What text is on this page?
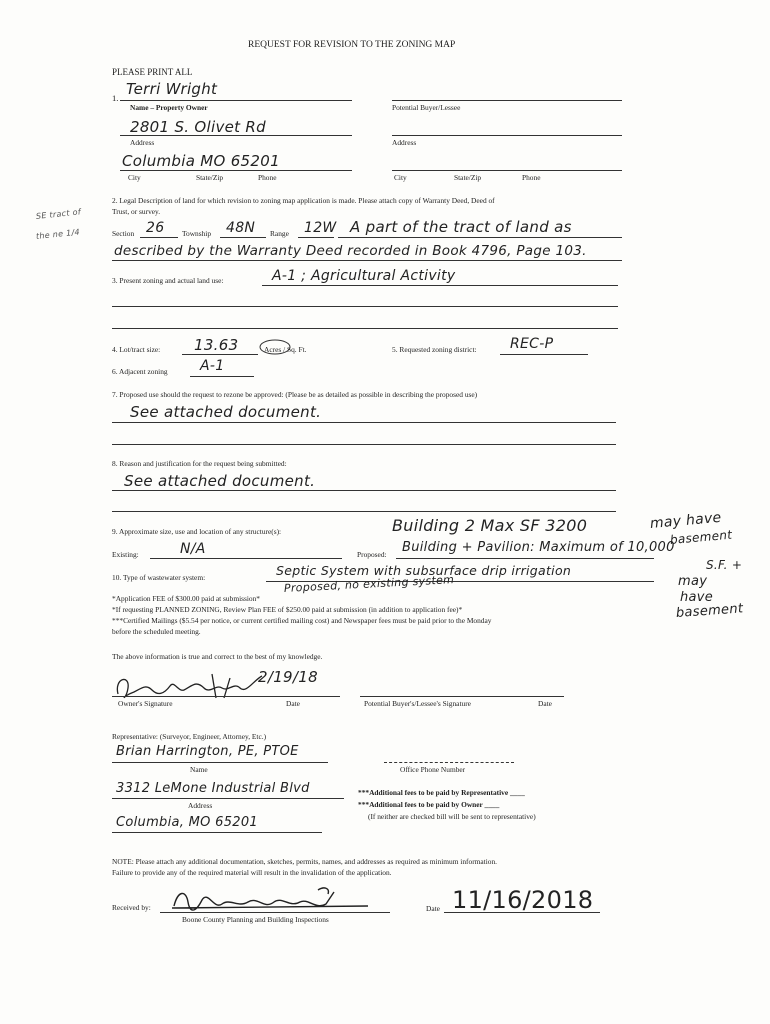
REQUEST FOR REVISION TO THE ZONING MAP
PLEASE PRINT ALL
1. Terri Wright
Name – Property Owner	Potential Buyer/Lessee
2801 S. Olivet Rd
Address	Address
Columbia MO 65201
City	State/Zip	Phone	City	State/Zip	Phone
SE tract of
the ne 1/4
2. Legal Description of land for which revision to zoning map application is made. Please attach copy of Warranty Deed, Deed of
Trust, or survey.
Section 26 Township 48N Range 12W A part of the tract of land as
described by the Warranty Deed recorded in Book 4796, Page 103.
3. Present zoning and actual land use:	A-1 ; Agricultural Activity
4. Lot/tract size: 13.63	Acres / Sq. Ft.	5. Requested zoning district: REC-P
6. Adjacent zoning A-1
7. Proposed use should the request to rezone be approved: (Please be as detailed as possible in describing the proposed use)
See attached document.
8. Reason and justification for the request being submitted:
See attached document.
9. Approximate size, use and location of any structure(s):	Building 2 Max SF 3200	may have
basement
Existing:	N/A	Proposed: Building + Pavilion: Maximum of 10,000
S.F. +
may
have
basement
10. Type of wastewater system:	Septic System with subsurface drip irrigation
Proposed, no existing system
*Application FEE of $300.00 paid at submission*
*If requesting PLANNED ZONING, Review Plan FEE of $250.00 paid at submission (in addition to application fee)*
***Certified Mailings ($5.54 per notice, or current certified mailing cost) and Newspaper fees must be paid prior to the Monday
before the scheduled meeting.
The above information is true and correct to the best of my knowledge.
2/19/18
Owner's Signature	Date	Potential Buyer's/Lessee's Signature	Date
Representative: (Surveyor, Engineer, Attorney, Etc.)
Brian Harrington, PE, PTOE
Name	Office Phone Number
3312 LeMone Industrial Blvd
Address
***Additional fees to be paid by Representative ____
***Additional fees to be paid by Owner ____
(If neither are checked bill will be sent to representative)
Columbia, MO 65201
NOTE: Please attach any additional documentation, sketches, permits, names, and addresses as required as minimum information.
Failure to provide any of the required material will result in the invalidation of the application.
Received by:
Boone County Planning and Building Inspections
Date 11/16/2018
